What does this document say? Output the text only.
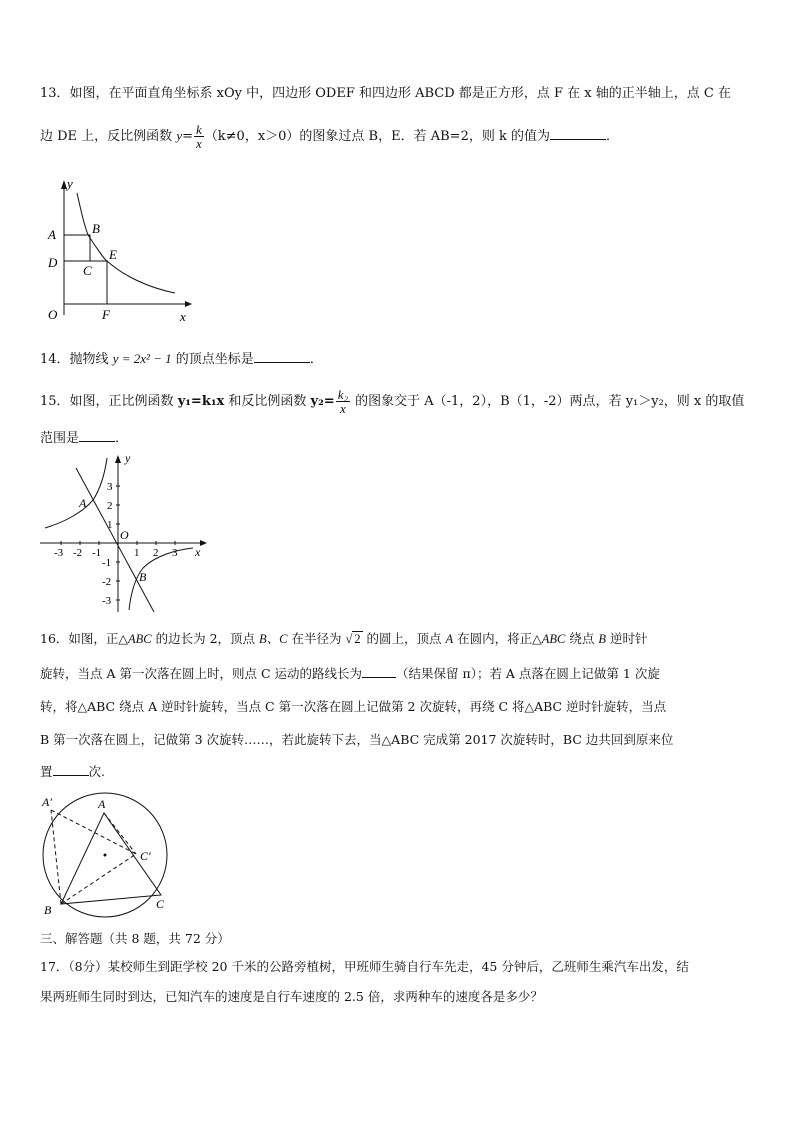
13．如图，在平面直角坐标系 xOy 中，四边形 ODEF 和四边形 ABCD 都是正方形，点 F 在 x 轴的正半轴上，点 C 在
边 DE 上，反比例函数 $y= \frac{k}{x} (k\ne 0$，x＞0）的图象过点 B，E．若 AB=2，则 k 的值为	．
y
A	B
D
E
C
O	F	x
14．抛物线 y = 2x² − 1 的顶点坐标是	．
15．如图，正比例函数 y₁=k₁x 和反比例函数 $y_2= \frac{\text{k₂}}{x}$ 的图象交于 A（-1，2），B（1，-2）两点，若 y₁＞y₂，则 x 的取值
范围是	．
y
x
A
B
O
-3 -2 -1	1 2 3
3
2
1
-1
-2
-3
16．如图，正△ABC 的边长为 2，顶点 B、C 在半径为 √ 2 的圆上，顶点 A 在圆内，将正△ABC 绕点 B 逆时针
旋转，当点 A 第一次落在圆上时，则点 C 运动的路线长为	（结果保留 π）；若 A 点落在圆上记做第 1 次旋
转，将△ABC 绕点 A 逆时针旋转，当点 C 第一次落在圆上记做第 2 次旋转，再绕 C 将△ABC 逆时针旋转，当点
B 第一次落在圆上，记做第 3 次旋转……，若此旋转下去，当△ABC 完成第 2017 次旋转时，BC 边共回到原来位
置	次.
A′	A
C′
B	C
三、解答题（共 8 题，共 72 分）
17．（8分）某校师生到距学校 20 千米的公路旁植树，甲班师生骑自行车先走，45 分钟后，乙班师生乘汽车出发，结
果两班师生同时到达，已知汽车的速度是自行车速度的 2.5 倍，求两种车的速度各是多少？
